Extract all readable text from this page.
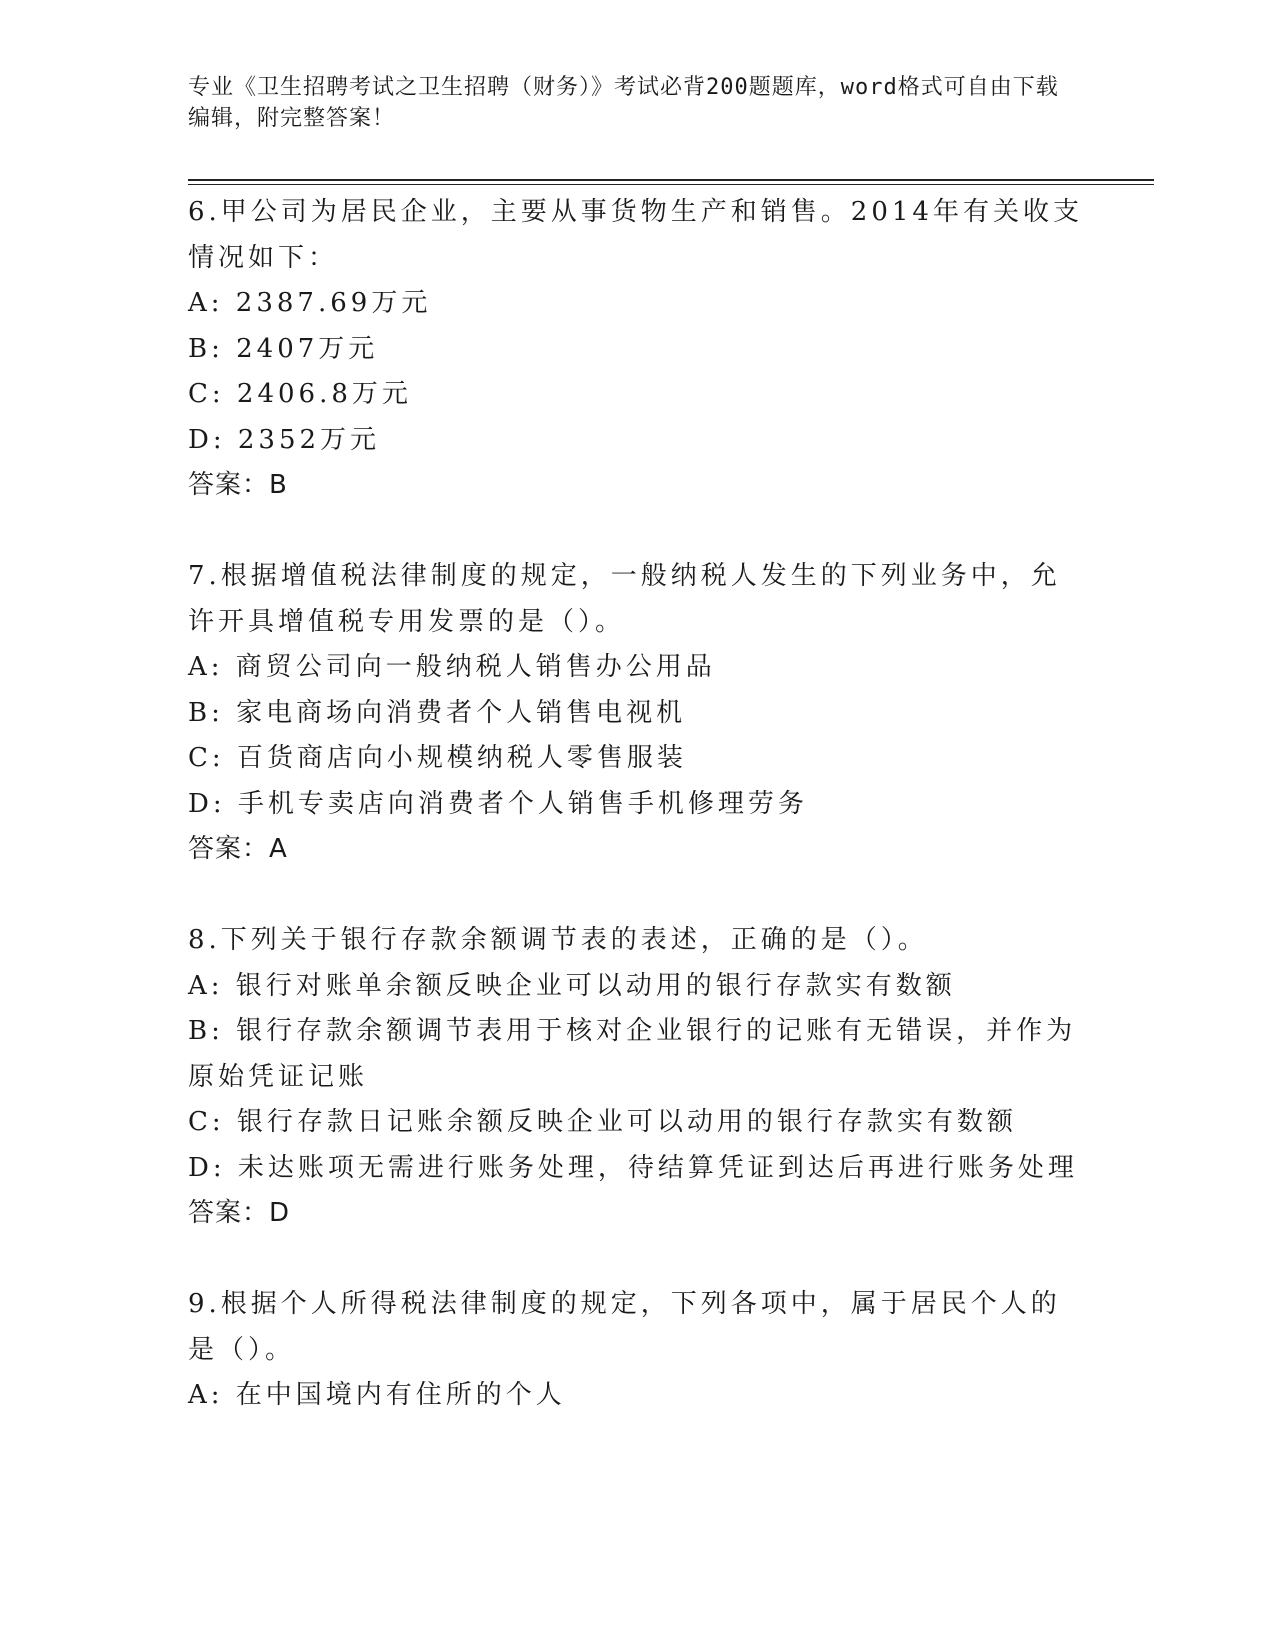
专业《卫生招聘考试之卫生招聘（财务）》考试必背200题题库，word格式可自由下载编辑，附完整答案！

6.甲公司为居民企业，主要从事货物生产和销售。2014年有关收支情况如下：

A: 2387.69万元

B: 2407万元

C: 2406.8万元

D: 2352万元

答案：B

7.根据增值税法律制度的规定，一般纳税人发生的下列业务中，允许开具增值税专用发票的是（）。

A: 商贸公司向一般纳税人销售办公用品

B: 家电商场向消费者个人销售电视机

C: 百货商店向小规模纳税人零售服装

D: 手机专卖店向消费者个人销售手机修理劳务

答案：A

8.下列关于银行存款余额调节表的表述，正确的是（）。

A: 银行对账单余额反映企业可以动用的银行存款实有数额

B: 银行存款余额调节表用于核对企业银行的记账有无错误，并作为原始凭证记账

C: 银行存款日记账余额反映企业可以动用的银行存款实有数额

D: 未达账项无需进行账务处理，待结算凭证到达后再进行账务处理

答案：D

9.根据个人所得税法律制度的规定，下列各项中，属于居民个人的是（）。

A: 在中国境内有住所的个人
